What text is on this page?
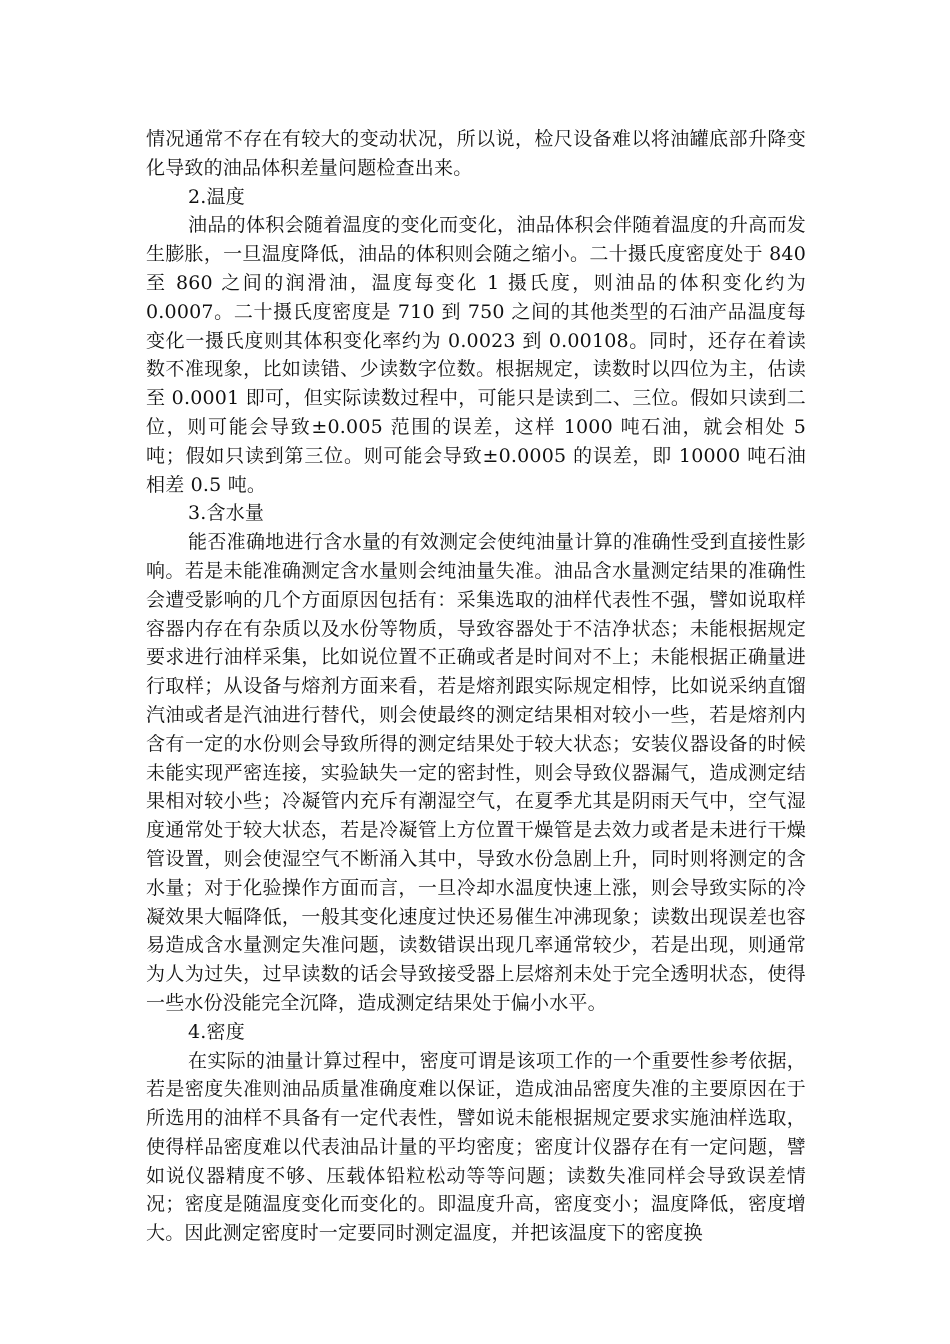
情况通常不存在有较大的变动状况，所以说，检尺设备难以将油罐底部升降变化导致的油品体积差量问题检查出来。

2.温度

油品的体积会随着温度的变化而变化，油品体积会伴随着温度的升高而发生膨胀，一旦温度降低，油品的体积则会随之缩小。二十摄氏度密度处于 840 至 860 之间的润滑油，温度每变化 1 摄氏度，则油品的体积变化约为 0.0007。二十摄氏度密度是 710 到 750 之间的其他类型的石油产品温度每变化一摄氏度则其体积变化率约为 0.0023 到 0.00108。同时，还存在着读数不准现象，比如读错、少读数字位数。根据规定，读数时以四位为主，估读至 0.0001 即可，但实际读数过程中，可能只是读到二、三位。假如只读到二位，则可能会导致±0.005 范围的误差，这样 1000 吨石油，就会相处 5 吨；假如只读到第三位。则可能会导致±0.0005 的误差，即 10000 吨石油相差 0.5 吨。

3.含水量

能否准确地进行含水量的有效测定会使纯油量计算的准确性受到直接性影响。若是未能准确测定含水量则会纯油量失准。油品含水量测定结果的准确性会遭受影响的几个方面原因包括有：采集选取的油样代表性不强，譬如说取样容器内存在有杂质以及水份等物质，导致容器处于不洁净状态；未能根据规定要求进行油样采集，比如说位置不正确或者是时间对不上；未能根据正确量进行取样；从设备与熔剂方面来看，若是熔剂跟实际规定相悖，比如说采纳直馏汽油或者是汽油进行替代，则会使最终的测定结果相对较小一些，若是熔剂内含有一定的水份则会导致所得的测定结果处于较大状态；安装仪器设备的时候未能实现严密连接，实验缺失一定的密封性，则会导致仪器漏气，造成测定结果相对较小些；冷凝管内充斥有潮湿空气，在夏季尤其是阴雨天气中，空气湿度通常处于较大状态，若是冷凝管上方位置干燥管是去效力或者是未进行干燥管设置，则会使湿空气不断涌入其中，导致水份急剧上升，同时则将测定的含水量；对于化验操作方面而言，一旦冷却水温度快速上涨，则会导致实际的冷凝效果大幅降低，一般其变化速度过快还易催生冲沸现象；读数出现误差也容易造成含水量测定失准问题，读数错误出现几率通常较少，若是出现，则通常为人为过失，过早读数的话会导致接受器上层熔剂未处于完全透明状态，使得一些水份没能完全沉降，造成测定结果处于偏小水平。

4.密度

在实际的油量计算过程中，密度可谓是该项工作的一个重要性参考依据，若是密度失准则油品质量准确度难以保证，造成油品密度失准的主要原因在于所选用的油样不具备有一定代表性，譬如说未能根据规定要求实施油样选取，使得样品密度难以代表油品计量的平均密度；密度计仪器存在有一定问题，譬如说仪器精度不够、压载体铅粒松动等等问题；读数失准同样会导致误差情况；密度是随温度变化而变化的。即温度升高，密度变小；温度降低，密度增大。因此测定密度时一定要同时测定温度，并把该温度下的密度换
